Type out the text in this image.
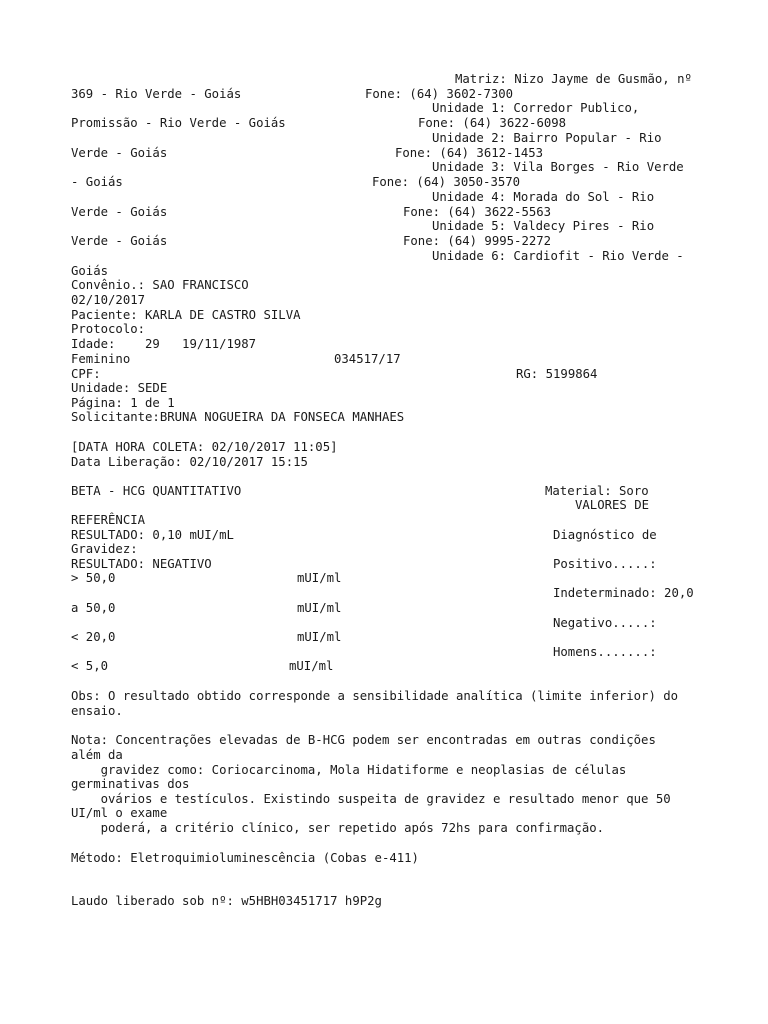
Matriz: Nizo Jayme de Gusmão, nº
369 - Rio Verde - Goiás	Fone: (64) 3602-7300
Unidade 1: Corredor Publico,
Promissão - Rio Verde - Goiás	Fone: (64) 3622-6098
Unidade 2: Bairro Popular - Rio
Verde - Goiás	Fone: (64) 3612-1453
Unidade 3: Vila Borges - Rio Verde
- Goiás	Fone: (64) 3050-3570
Unidade 4: Morada do Sol - Rio
Verde - Goiás	Fone: (64) 3622-5563
Unidade 5: Valdecy Pires - Rio
Verde - Goiás	Fone: (64) 9995-2272
Unidade 6: Cardiofit - Rio Verde -
Goiás
Convênio.: SAO FRANCISCO
02/10/2017
Paciente: KARLA DE CASTRO SILVA
Protocolo:
Idade:    29   19/11/1987
Feminino	034517/17
CPF:	RG: 5199864
Unidade: SEDE
Página: 1 de 1
Solicitante:BRUNA NOGUEIRA DA FONSECA MANHAES
[DATA HORA COLETA: 02/10/2017 11:05]
Data Liberação: 02/10/2017 15:15
BETA - HCG QUANTITATIVO	Material: Soro
VALORES DE
REFERÊNCIA
RESULTADO: 0,10 mUI/mL	Diagnóstico de
Gravidez:
RESULTADO: NEGATIVO	Positivo.....:
> 50,0	mUI/ml
Indeterminado: 20,0
a 50,0	mUI/ml
Negativo.....:
< 20,0	mUI/ml
Homens.......:
< 5,0	mUI/ml
Obs: O resultado obtido corresponde a sensibilidade analítica (limite inferior) do
ensaio.
Nota: Concentrações elevadas de B-HCG podem ser encontradas em outras condições
além da
gravidez como: Coriocarcinoma, Mola Hidatiforme e neoplasias de células
germinativas dos
ovários e testículos. Existindo suspeita de gravidez e resultado menor que 50
UI/ml o exame
poderá, a critério clínico, ser repetido após 72hs para confirmação.
Método: Eletroquimioluminescência (Cobas e-411)
Laudo liberado sob nº: w5HBH03451717 h9P2g
